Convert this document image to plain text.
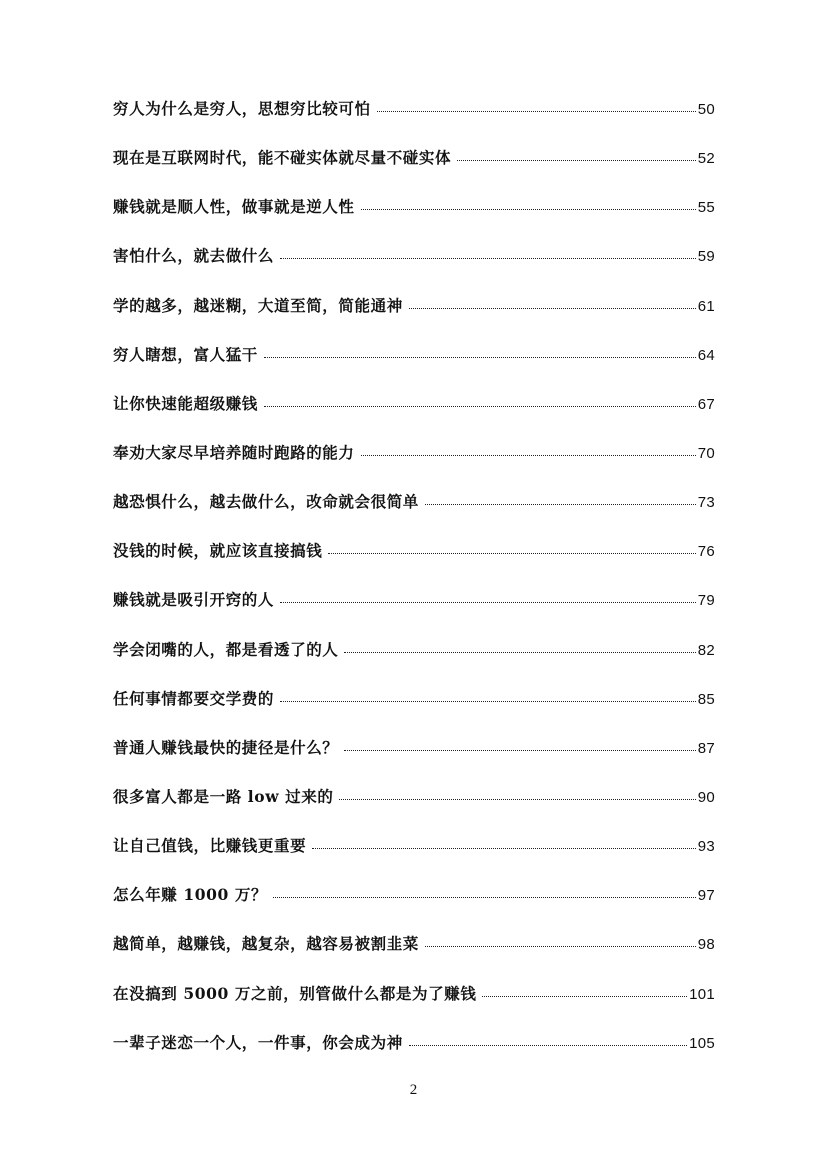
穷人为什么是穷人，思想穷比较可怕	50
现在是互联网时代，能不碰实体就尽量不碰实体	52
赚钱就是顺人性，做事就是逆人性	55
害怕什么，就去做什么	59
学的越多，越迷糊，大道至简，简能通神	61
穷人瞎想，富人猛干	64
让你快速能超级赚钱	67
奉劝大家尽早培养随时跑路的能力	70
越恐惧什么，越去做什么，改命就会很简单	73
没钱的时候，就应该直接搞钱	76
赚钱就是吸引开窍的人	79
学会闭嘴的人，都是看透了的人	82
任何事情都要交学费的	85
普通人赚钱最快的捷径是什么？	87
很多富人都是一路 low 过来的	90
让自己值钱，比赚钱更重要	93
怎么年赚 1000 万？	97
越简单，越赚钱，越复杂，越容易被割韭菜	98
在没搞到 5000 万之前，别管做什么都是为了赚钱	101
一辈子迷恋一个人，一件事，你会成为神	105
2
